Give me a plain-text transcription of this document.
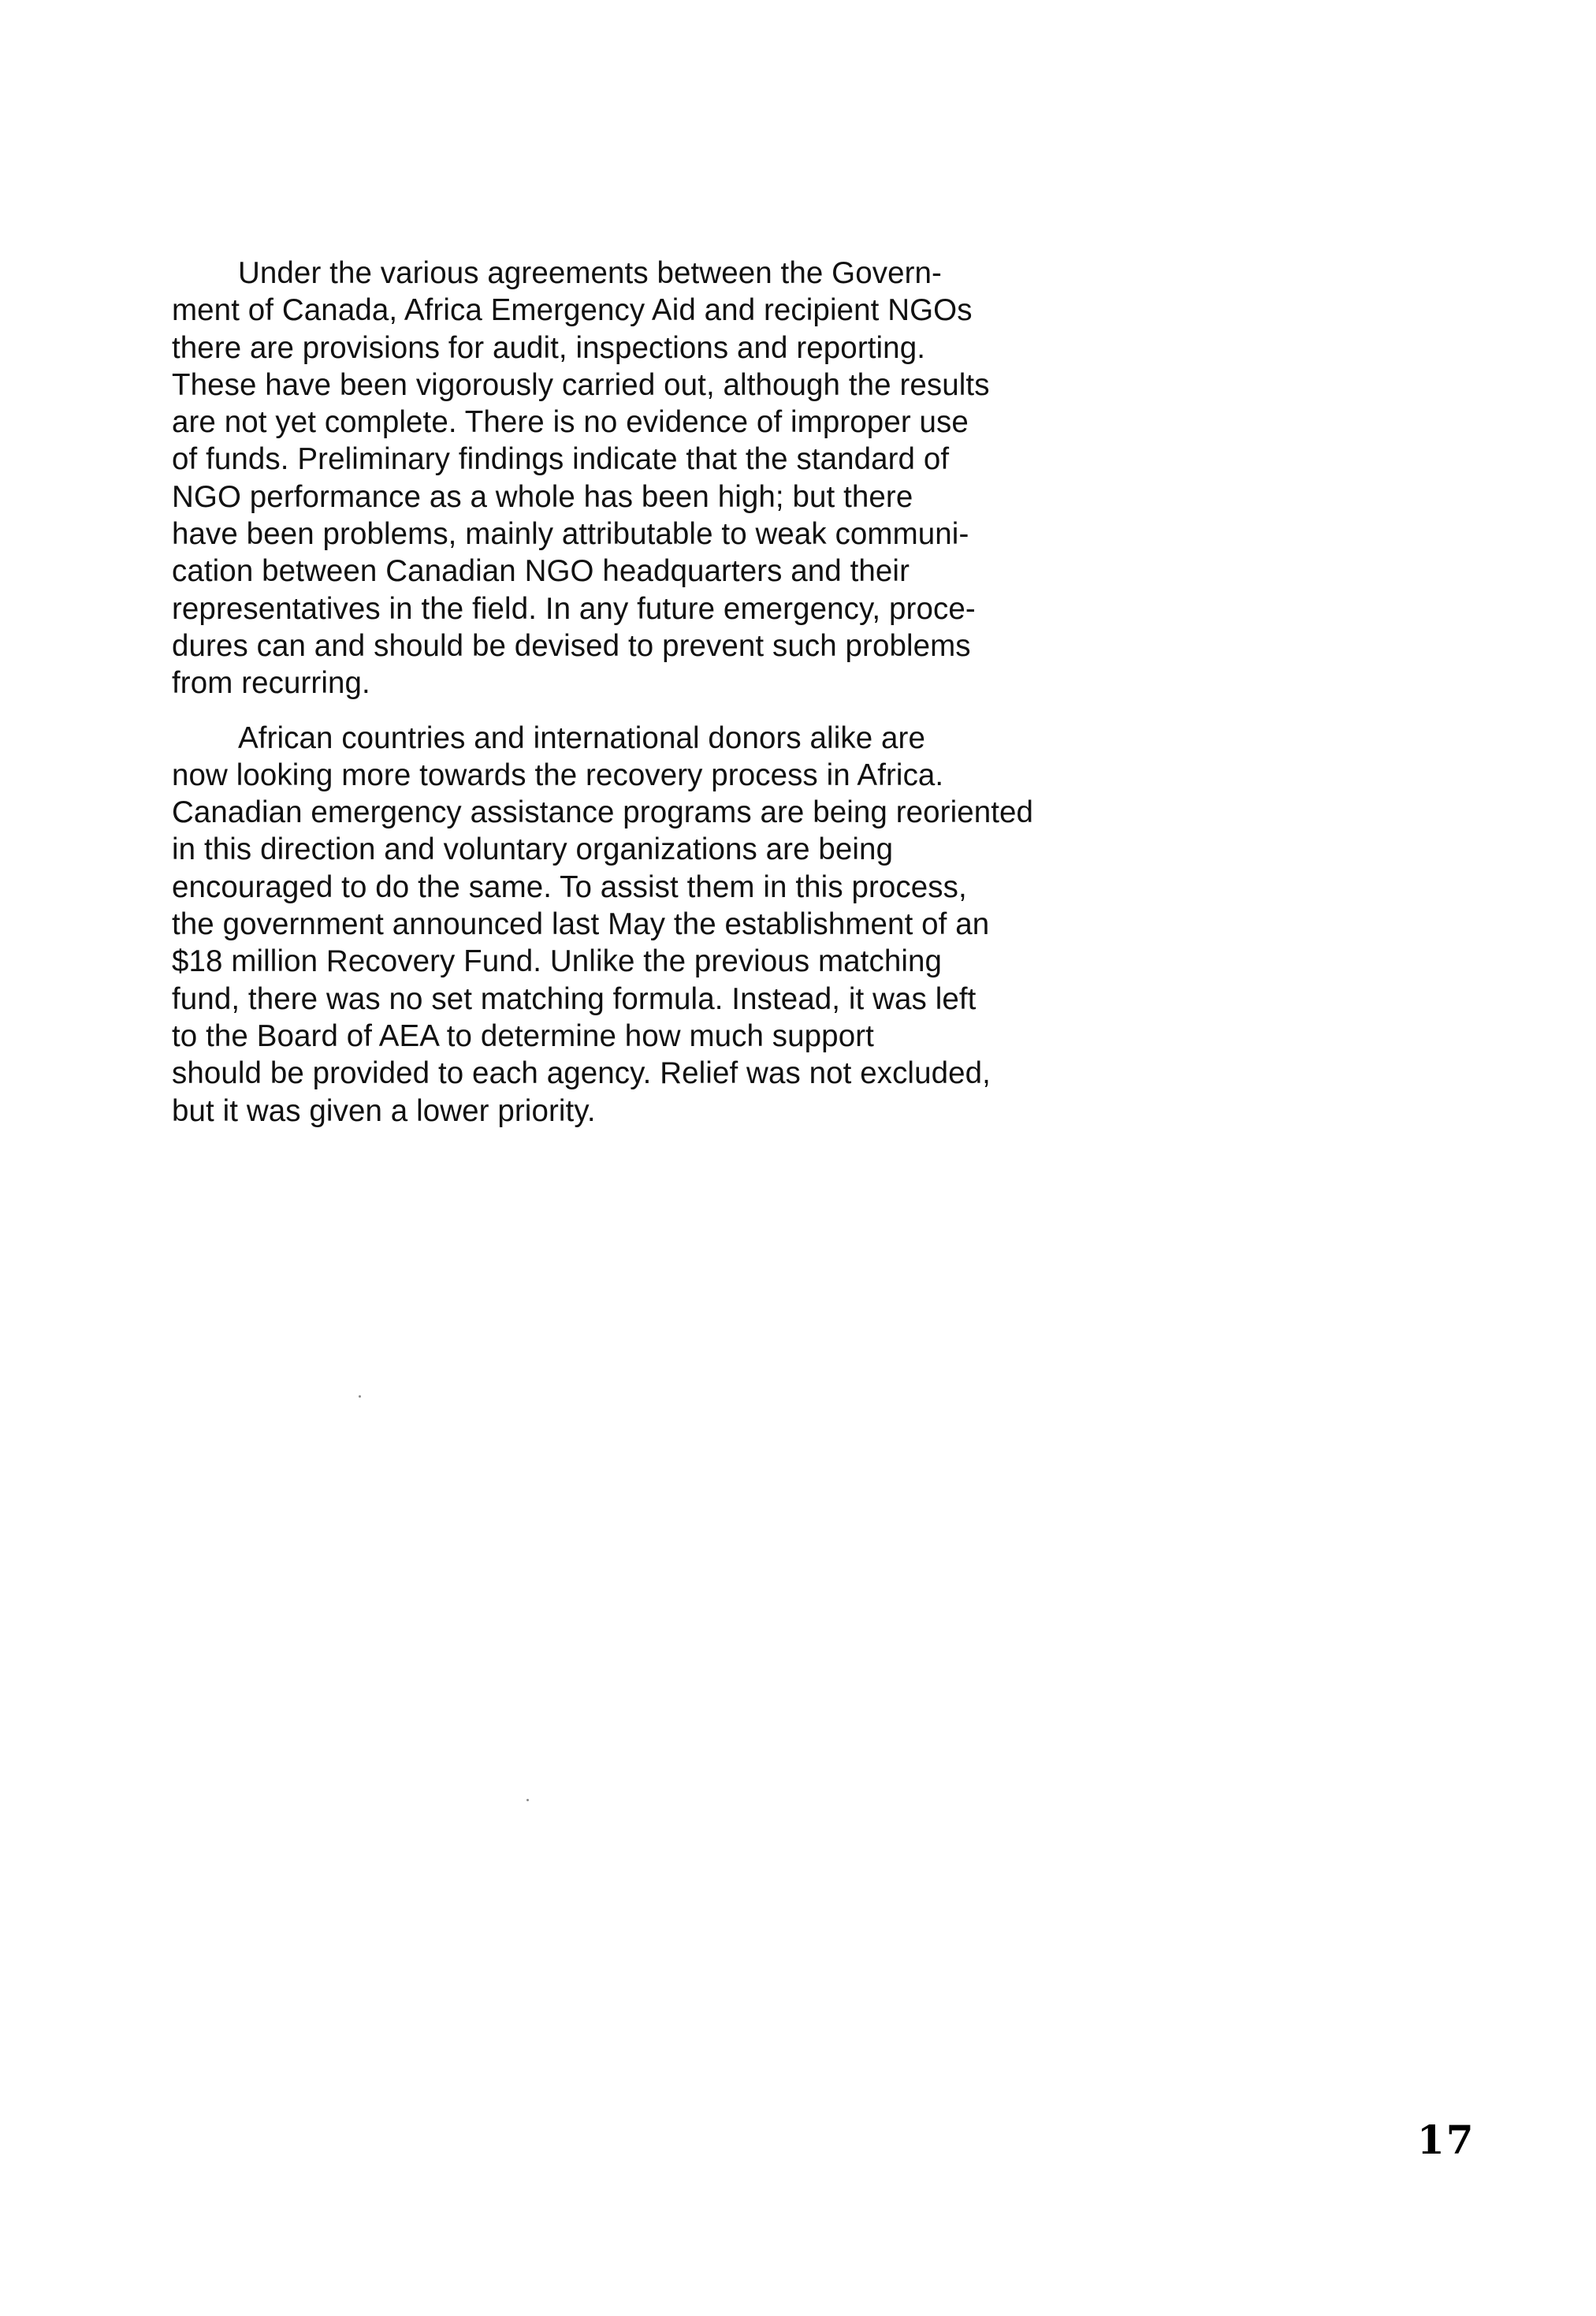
Under the various agreements between the Govern-
ment of Canada, Africa Emergency Aid and recipient NGOs
there are provisions for audit, inspections and reporting.
These have been vigorously carried out, although the results
are not yet complete. There is no evidence of improper use
of funds. Preliminary findings indicate that the standard of
NGO performance as a whole has been high; but there
have been problems, mainly attributable to weak communi-
cation between Canadian NGO headquarters and their
representatives in the field. In any future emergency, proce-
dures can and should be devised to prevent such problems
from recurring.
African countries and international donors alike are
now looking more towards the recovery process in Africa.
Canadian emergency assistance programs are being reoriented
in this direction and voluntary organizations are being
encouraged to do the same. To assist them in this process,
the government announced last May the establishment of an
$18 million Recovery Fund. Unlike the previous matching
fund, there was no set matching formula. Instead, it was left
to the Board of AEA to determine how much support
should be provided to each agency. Relief was not excluded,
but it was given a lower priority.
17
